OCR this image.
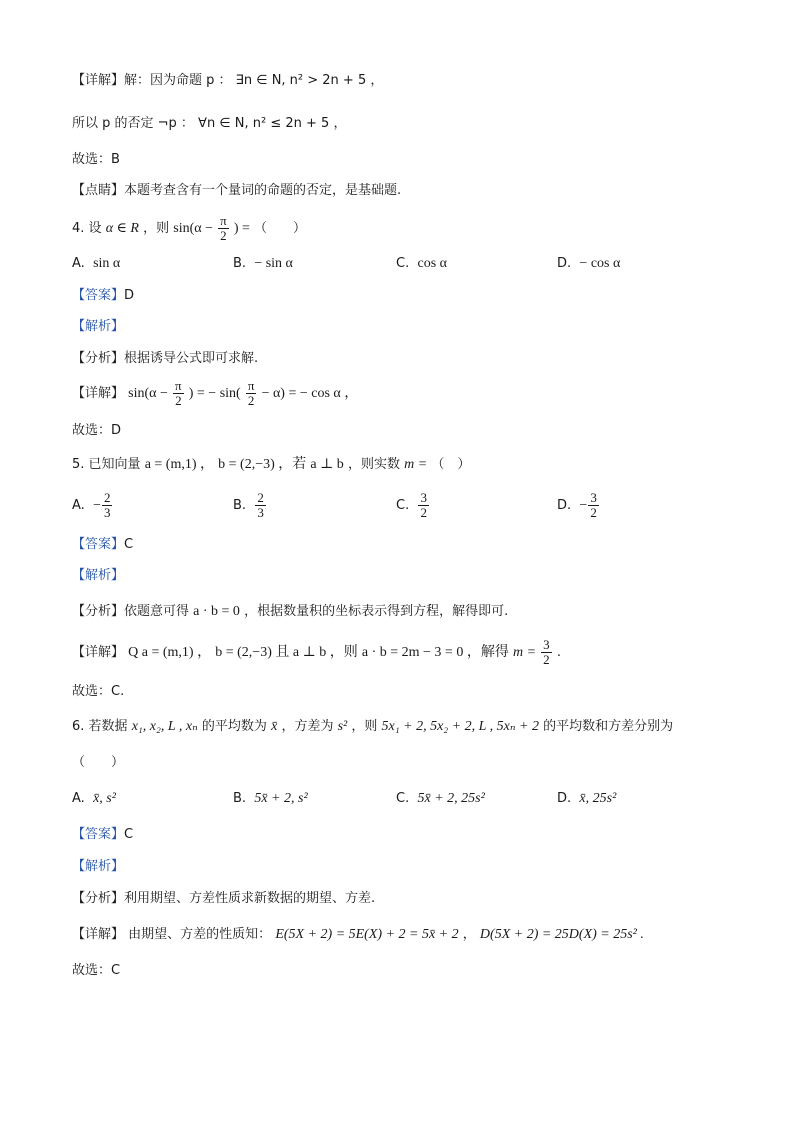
【详解】解：因为命题 p ： ∃n ∈ N, n² > 2n + 5 ，
所以 p 的否定 ¬p ： ∀n ∈ N, n² ≤ 2n + 5 ，
故选：B
【点睛】本题考查含有一个量词的命题的否定，是基础题.
4. 设 α ∈ R ，则 $\sin(\alpha - \frac{\pi}{2}$ ) = （　　）
A. sin α	B. − sin α	C. cos α	D. − cos α
【答案】D
【解析】
【分析】根据诱导公式即可求解.
【详解】 $\sin(\alpha - \frac{\pi}{2}$ ) = − $\sin( \frac{\pi}{2} - \alpha)$ = − cos α ，
故选：D
5. 已知向量 a = (m,1) ， b = (2,−3) ，若 a ⊥ b ，则实数 m = （　）
A. − $\frac{2}{3}$	B. $\frac{2}{3}$	C. $\frac{3}{2}$	D. − $\frac{3}{2}$
【答案】C
【解析】
【分析】依题意可得 a · b = 0 ，根据数量积的坐标表示得到方程，解得即可.
【详解】 Q a = (m,1) ， b = (2,−3) 且 a ⊥ b ，则 a · b = 2m − 3 = 0 ，解得 $m = \frac{3}{2}$ .
故选：C.
6. 若数据 x₁, x₂, L , xₙ 的平均数为 x̄ ，方差为 s² ，则 5x₁ + 2, 5x₂ + 2, L , 5xₙ + 2 的平均数和方差分别为
（　　）
A. x̄, s²	B. 5x̄ + 2, s²	C. 5x̄ + 2, 25s²	D. x̄, 25s²
【答案】C
【解析】
【分析】利用期望、方差性质求新数据的期望、方差.
【详解】 由期望、方差的性质知： E(5X + 2) = 5E(X) + 2 = 5x̄ + 2 ， D(5X + 2) = 25D(X) = 25s² .
故选：C
